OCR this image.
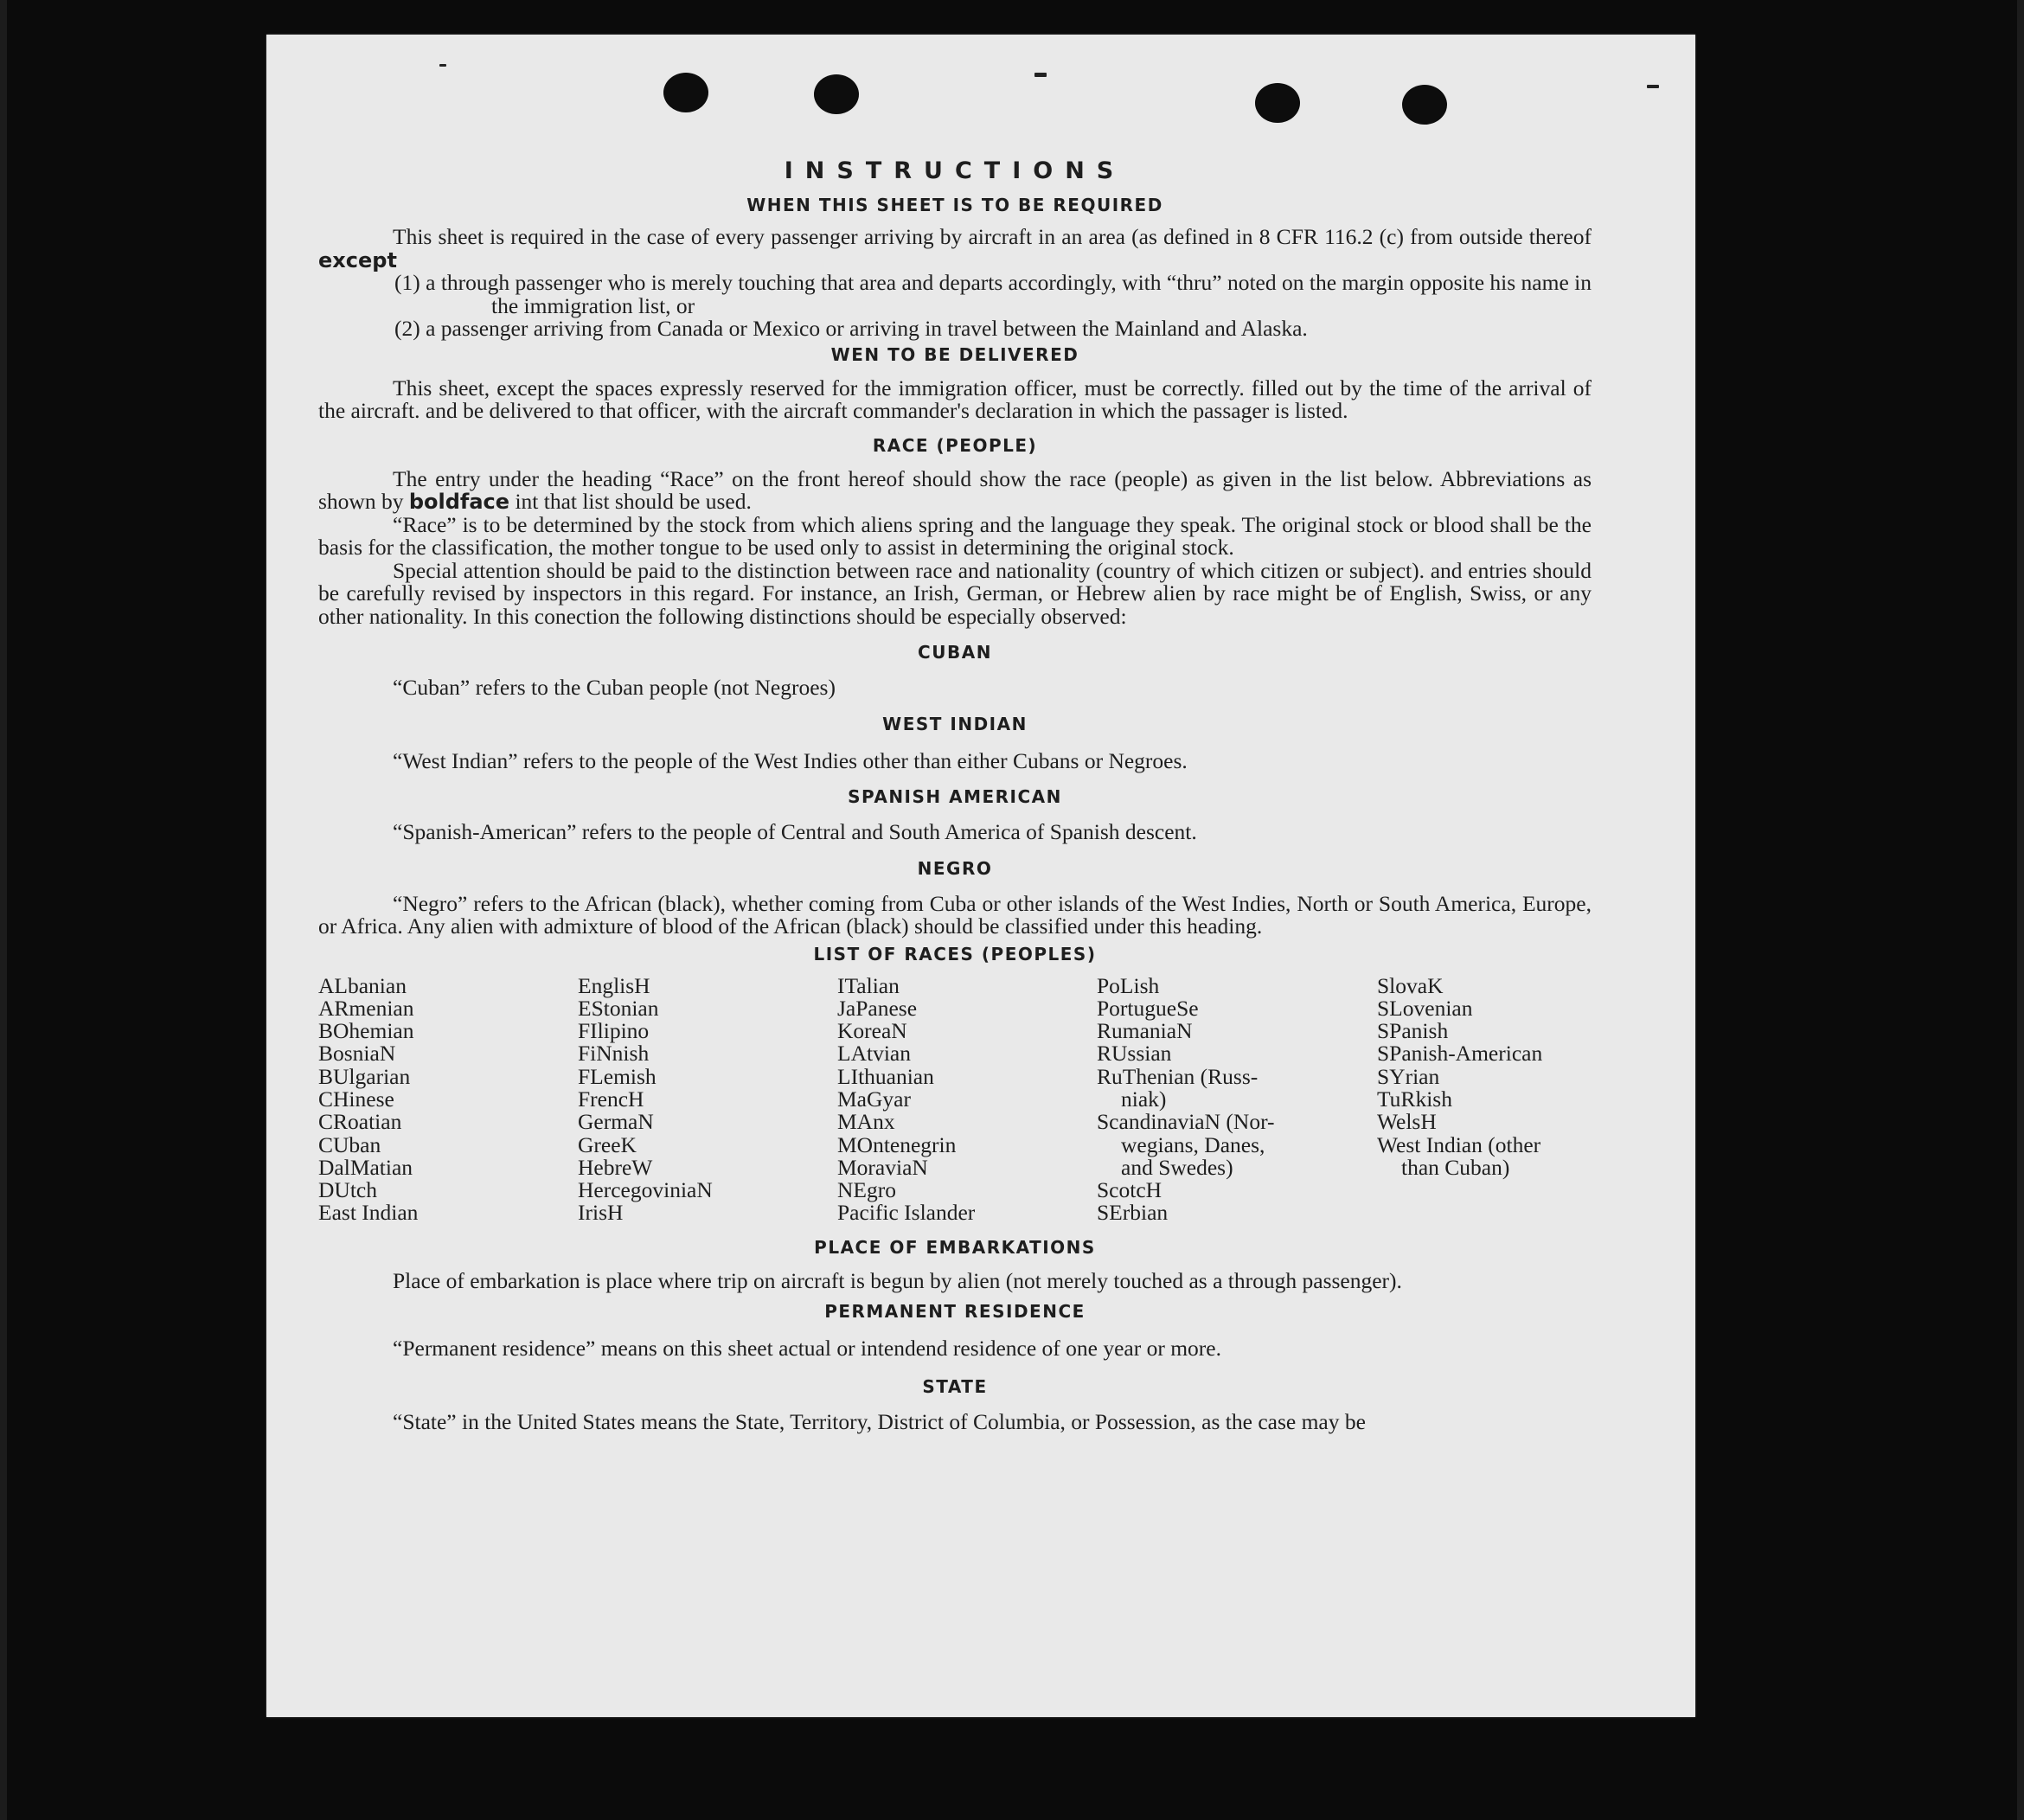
INSTRUCTIONS
WHEN THIS SHEET IS TO BE REQUIRED

This sheet is required in the case of every passenger arriving by aircraft in an area (as defined in 8 CFR 116.2 (c) from outside thereof except

(1) a through passenger who is merely touching that area and departs accordingly, with “thru” noted on the margin opposite his name in the immigration list, or
(2) a passenger arriving from Canada or Mexico or arriving in travel between the Mainland and Alaska.
WEN TO BE DELIVERED

This sheet, except the spaces expressly reserved for the immigration officer, must be correctly. filled out by the time of the arrival of the aircraft. and be delivered to that officer, with the aircraft commander's declaration in which the passager is listed.

RACE (PEOPLE)

The entry under the heading “Race” on the front hereof should show the race (people) as given in the list below. Abbreviations as shown by boldface int that list should be used.

“Race” is to be determined by the stock from which aliens spring and the language they speak. The original stock or blood shall be the basis for the classification, the mother tongue to be used only to assist in determining the original stock.

Special attention should be paid to the distinction between race and nationality (country of which citizen or subject). and entries should be carefully revised by inspectors in this regard. For instance, an Irish, German, or Hebrew alien by race might be of English, Swiss, or any other nationality. In this conection the following distinctions should be especially observed:

CUBAN

“Cuban” refers to the Cuban people (not Negroes)

WEST INDIAN

“West Indian” refers to the people of the West Indies other than either Cubans or Negroes.

SPANISH AMERICAN

“Spanish-American” refers to the people of Central and South America of Spanish descent.

NEGRO

“Negro” refers to the African (black), whether coming from Cuba or other islands of the West Indies, North or South America, Europe, or Africa. Any alien with admixture of blood of the African (black) should be classified under this heading.

LIST OF RACES (PEOPLES)
ALbanian
ARmenian
BOhemian
BosniaN
BUlgarian
CHinese
CRoatian
CUban
DalMatian
DUtch
East Indian
EnglisH
EStonian
FIlipino
FiNnish
FLemish
FrencH
GermaN
GreeK
HebreW
HercegoviniaN
IrisH
ITalian
JaPanese
KoreaN
LAtvian
LIthuanian
MaGyar
MAnx
MOntenegrin
MoraviaN
NEgro
Pacific Islander
PoLish
PortugueSe
RumaniaN
RUssian
RuThenian (Russ-
niak)
ScandinaviaN (Nor-
wegians, Danes,
and Swedes)
ScotcH
SErbian
SlovaK
SLovenian
SPanish
SPanish-American
SYrian
TuRkish
WelsH
West Indian (other
than Cuban)
PLACE OF EMBARKATIONS

Place of embarkation is place where trip on aircraft is begun by alien (not merely touched as a through passenger).

PERMANENT RESIDENCE

“Permanent residence” means on this sheet actual or intendend residence of one year or more.

STATE

“State” in the United States means the State, Territory, District of Columbia, or Possession, as the case may be
